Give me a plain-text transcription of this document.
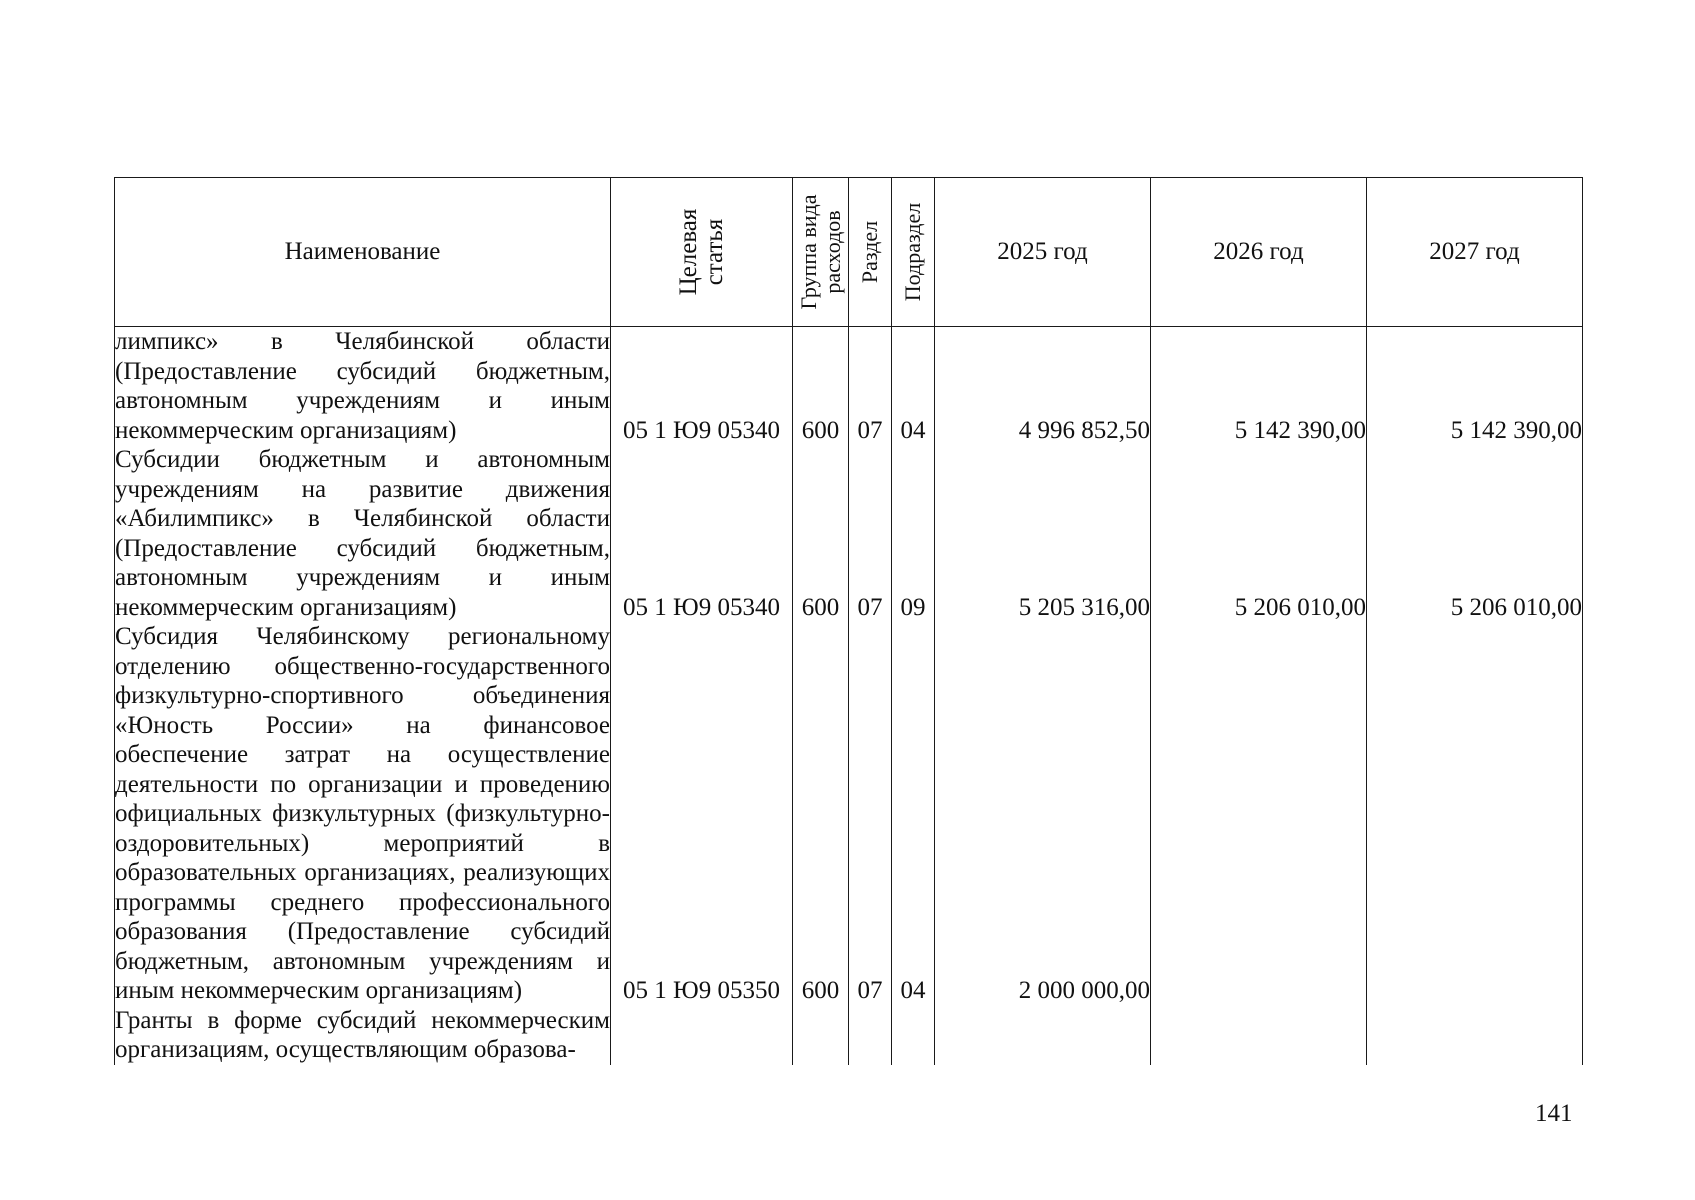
Наименование	Целевая статья	Группа вида расходов	Раздел	Подраздел	2025 год	2026 год	2027 год
лимпикс» в Челябинской области (Предоставление субсидий бюджетным, автономным учреждениям и иным некоммерческим организациям)	05 1 Ю9 05340	600	07	04	4 996 852,50	5 142 390,00	5 142 390,00
Субсидии бюджетным и автономным учреждениям на развитие движения «Абилимпикс» в Челябинской области (Предоставление субсидий бюджетным, автономным учреждениям и иным некоммерческим организациям)	05 1 Ю9 05340	600	07	09	5 205 316,00	5 206 010,00	5 206 010,00
Субсидия Челябинскому региональному отделению общественно-государственного физкультурно-спортивного объединения «Юность России» на финансовое обеспечение затрат на осуществление деятельности по организации и проведению официальных физкультурных (физкультурно-оздоровительных) мероприятий в образовательных организациях, реализующих программы среднего профессионального образования (Предоставление субсидий бюджетным, автономным учреждениям и иным некоммерческим организациям)	05 1 Ю9 05350	600	07	04	2 000 000,00		
Гранты в форме субсидий некоммерческим организациям, осуществляющим образова-							
141
